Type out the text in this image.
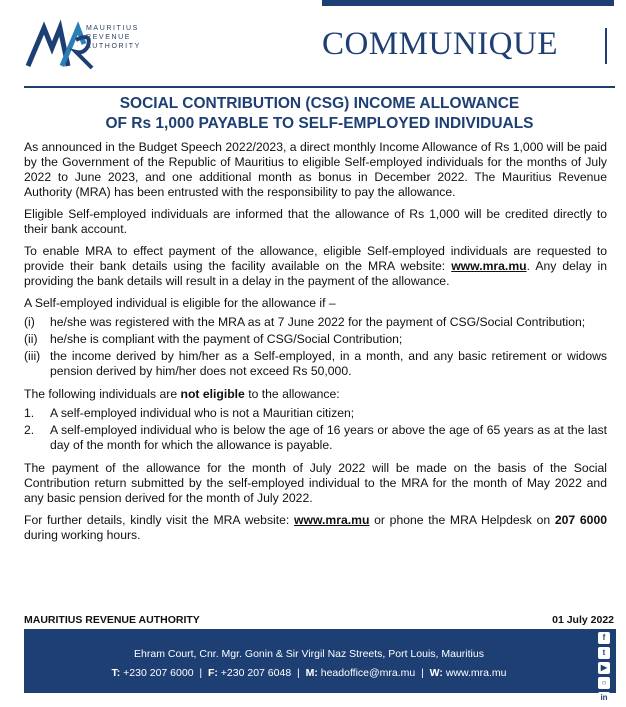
MAURITIUS
REVENUE
AUTHORITY	COMMUNIQUE
SOCIAL CONTRIBUTION (CSG) INCOME ALLOWANCE
OF Rs 1,000 PAYABLE TO SELF-EMPLOYED INDIVIDUALS

As announced in the Budget Speech 2022/2023, a direct monthly Income Allowance of Rs 1,000 will be paid by the Government of the Republic of Mauritius to eligible Self-employed individuals for the months of July 2022 to June 2023, and one additional month as bonus in December 2022. The Mauritius Revenue Authority (MRA) has been entrusted with the responsibility to pay the allowance.

Eligible Self-employed individuals are informed that the allowance of Rs 1,000 will be credited directly to their bank account.

To enable MRA to effect payment of the allowance, eligible Self-employed individuals are requested to provide their bank details using the facility available on the MRA website: www.mra.mu. Any delay in providing the bank details will result in a delay in the payment of the allowance.

A Self-employed individual is eligible for the allowance if –

(i) he/she was registered with the MRA as at 7 June 2022 for the payment of CSG/Social Contribution;
(ii) he/she is compliant with the payment of CSG/Social Contribution;
(iii) the income derived by him/her as a Self-employed, in a month, and any basic retirement or widows pension derived by him/her does not exceed Rs 50,000.

The following individuals are not eligible to the allowance:

1. A self-employed individual who is not a Mauritian citizen;
2. A self-employed individual who is below the age of 16 years or above the age of 65 years as at the last day of the month for which the allowance is payable.

The payment of the allowance for the month of July 2022 will be made on the basis of the Social Contribution return submitted by the self-employed individual to the MRA for the month of May 2022 and any basic pension derived for the month of July 2022.

For further details, kindly visit the MRA website: www.mra.mu or phone the MRA Helpdesk on 207 6000 during working hours.

MAURITIUS REVENUE AUTHORITY	01 July 2022
Ehram Court, Cnr. Mgr. Gonin & Sir Virgil Naz Streets, Port Louis, Mauritius
T: +230 207 6000  |  F: +230 207 6048  |  M: headoffice@mra.mu  |  W: www.mra.mu
f
t
▶
○
in
